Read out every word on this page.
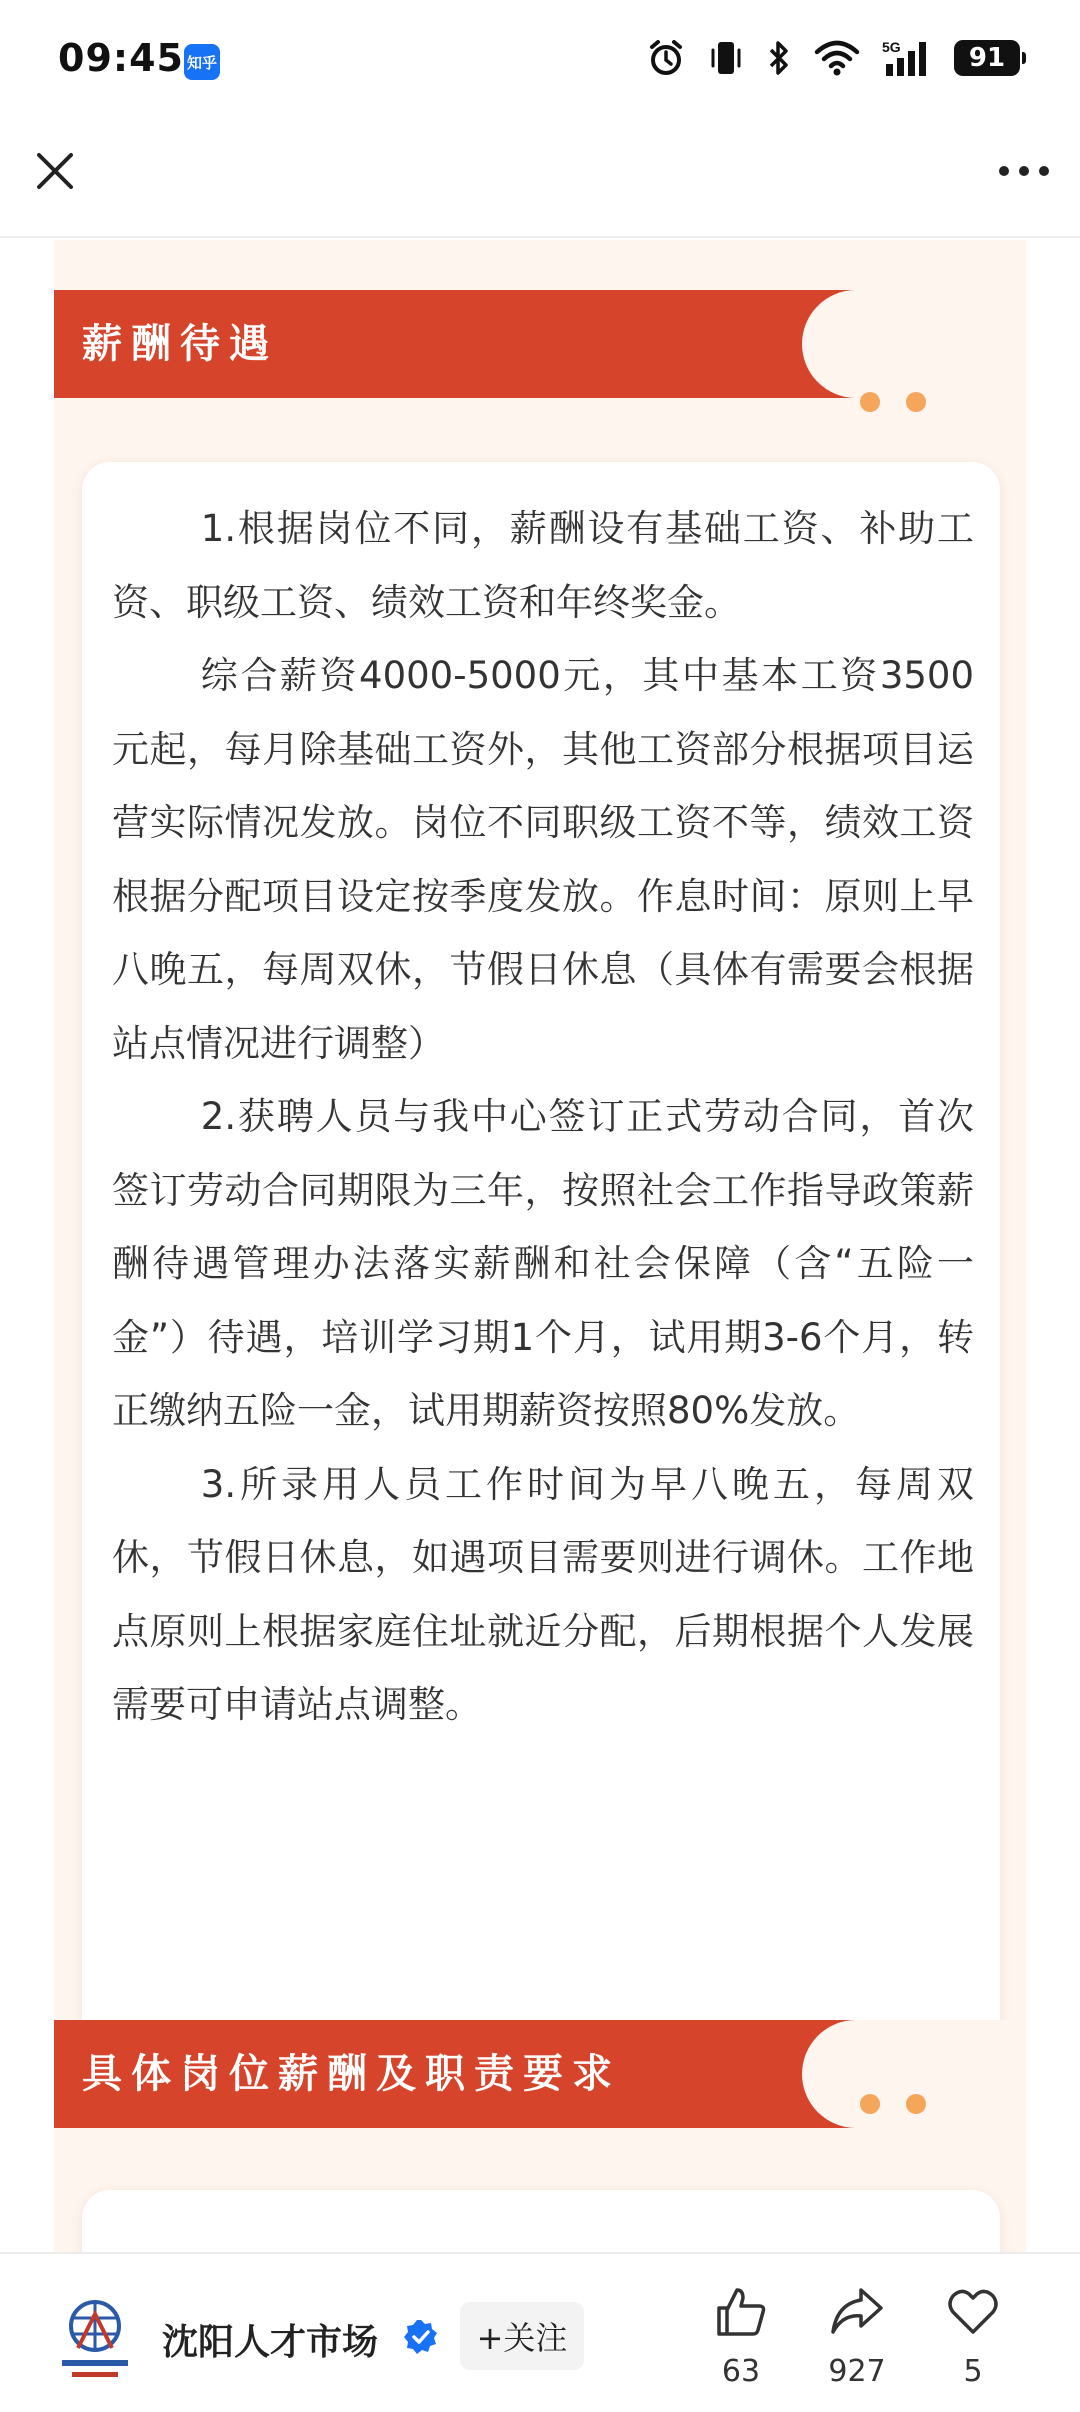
09:45 知乎
5G	91
薪酬待遇

1.根据岗位不同，薪酬设有基础工资、补助工资、职级工资、绩效工资和年终奖金。

综合薪资4000-5000元，其中基本工资3500元起，每月除基础工资外，其他工资部分根据项目运营实际情况发放。岗位不同职级工资不等，绩效工资根据分配项目设定按季度发放。作息时间：原则上早八晚五，每周双休，节假日休息（具体有需要会根据站点情况进行调整）

2.获聘人员与我中心签订正式劳动合同，首次签订劳动合同期限为三年，按照社会工作指导政策薪酬待遇管理办法落实薪酬和社会保障（含“五险一金”）待遇，培训学习期1个月，试用期3-6个月，转正缴纳五险一金，试用期薪资按照80%发放。

3.所录用人员工作时间为早八晚五，每周双休，节假日休息，如遇项目需要则进行调休。工作地点原则上根据家庭住址就近分配，后期根据个人发展需要可申请站点调整。

具体岗位薪酬及职责要求
沈阳人才市场	+关注
63	927	5
